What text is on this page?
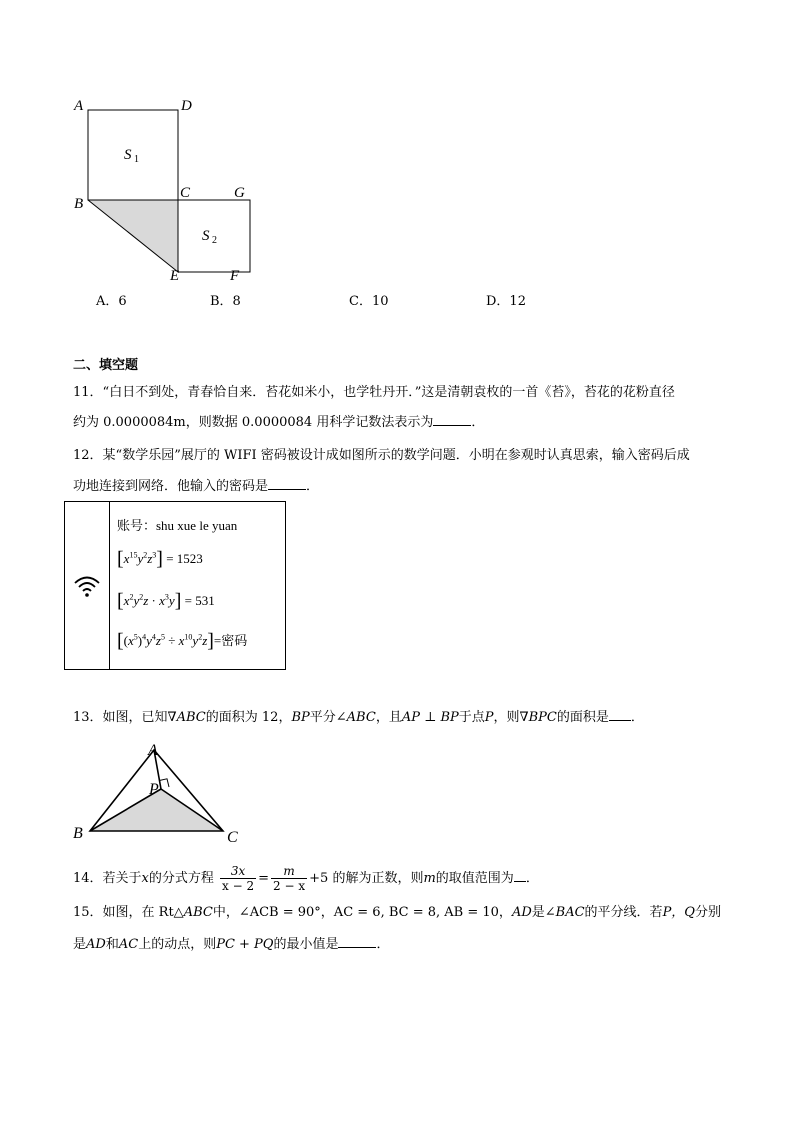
A	D
B
C	G
E	F
S 1
S 2
A．6	B．8	C．10	D．12
二、填空题
11．“白日不到处，青春恰自来．苔花如米小，也学牡丹开．”这是清朝袁枚的一首《苔》，苔花的花粉直径
约为 0.0000084m，则数据 0.0000084 用科学记数法表示为	．
12．某“数学乐园”展厅的 WIFI 密码被设计成如图所示的数学问题．小明在参观时认真思索，输入密码后成
功地连接到网络．他输入的密码是	．
账号：shu xue le yuan
$[x^{15}y^2z^3] = 1523$
$[x^2y^2z \cdot x^3y] = 531$
$[(x^5)^4y^4z^5 \div x^{10}y^2z]=$密码
13．如图，已知∇ABC的面积为 12，BP平分∠ABC，且AP ⊥ BP于点P，则∇BPC的面积是 ．
A
P
B	C
14．若关于x的分式方程 $\frac{3x}{x - 2} = \frac{m}{2 - x} +5$ 的解为正数，则m的取值范围为 ．
15．如图，在 Rt△ABC中，∠ACB = 90°，AC = 6, BC = 8, AB = 10，AD是∠BAC的平分线．若P，Q分别
是AD和AC上的动点，则PC + PQ的最小值是	．
